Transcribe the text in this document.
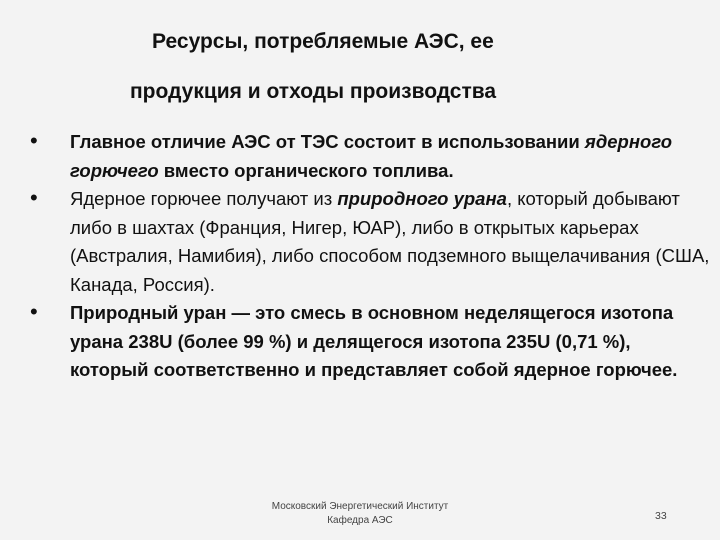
Ресурсы, потребляемые АЭС, ее
продукция и отходы производства
• Главное отличие АЭС от ТЭС состоит в использовании ядерного горючего вместо органического топлива.
• Ядерное горючее получают из природного урана, который добывают либо в шахтах (Франция, Нигер, ЮАР), либо в открытых карьерах (Австралия, Намибия), либо способом подземного выщелачивания (США, Канада, Россия).
• Природный уран — это смесь в основном неделящегося изотопа урана 238U (более 99 %) и делящегося изотопа 235U (0,71 %), который соответственно и представляет собой ядерное горючее.
Московский Энергетический Институт
Кафедра АЭС	33
